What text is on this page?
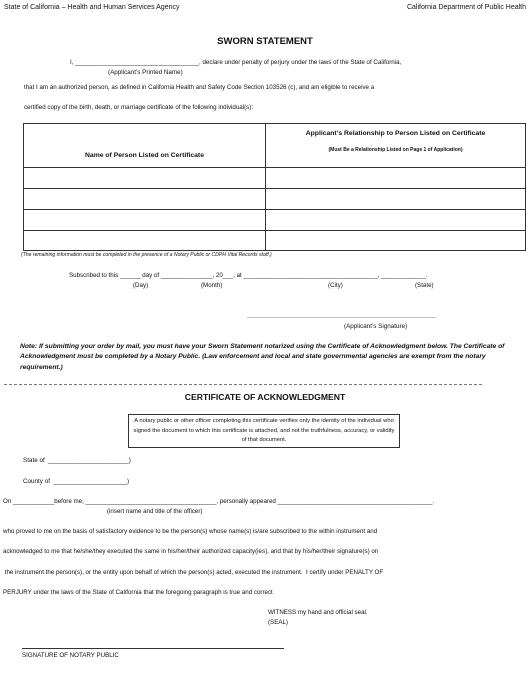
State of California – Health and Human Services Agency	California Department of Public Health
SWORN STATEMENT
I, ____________________________________, declare under penalty of perjury under the laws of the State of California,
(Applicant’s Printed Name)
that I am an authorized person, as defined in California Health and Safety Code Section 103526 (c), and am eligible to receive a
certified copy of the birth, death, or marriage certificate of the following individual(s):
Name of Person Listed on Certificate	Applicant’s Relationship to Person Listed on Certificate
(Must Be a Relationship Listed on Page 1 of Application)

(The remaining information must be completed in the presence of a Notary Public or CDPH Vital Records staff.)
Subscribed to this ______ day of _______________, 20___, at _______________________________________, _____________.
(Day)	(Month)	(City)	(State)
____________________________________________________________________
(Applicant’s Signature)
Note: If submitting your order by mail, you must have your Sworn Statement notarized using the Certificate of Acknowledgment below. The Certificate of Acknowledgment must be completed by a Notary Public. (Law enforcement and local and state governmental agencies are exempt from the notary requirement.)
CERTIFICATE OF ACKNOWLEDGMENT
A notary public or other officer completing this certificate verifies only the identity of the individual who signed the document to which this certificate is attached, and not the truthfulness, accuracy, or validity of that document.
State of  _______________________)
County of  _____________________)
On ____________before me, ______________________________________, personally appeared _____________________________________________.
(insert name and title of the officer)
who proved to me on the basis of satisfactory evidence to be the person(s) whose name(s) is/are subscribed to the within instrument and
acknowledged to me that he/she/they executed the same in his/her/their authorized capacity(ies), and that by his/her/their signature(s) on
the instrument the person(s), or the entity upon behalf of which the person(s) acted, executed the instrument.  I certify under PENALTY OF
PERJURY under the laws of the State of California that the foregoing paragraph is true and correct
WITNESS my hand and official seal.
(SEAL)
SIGNATURE OF NOTARY PUBLIC
